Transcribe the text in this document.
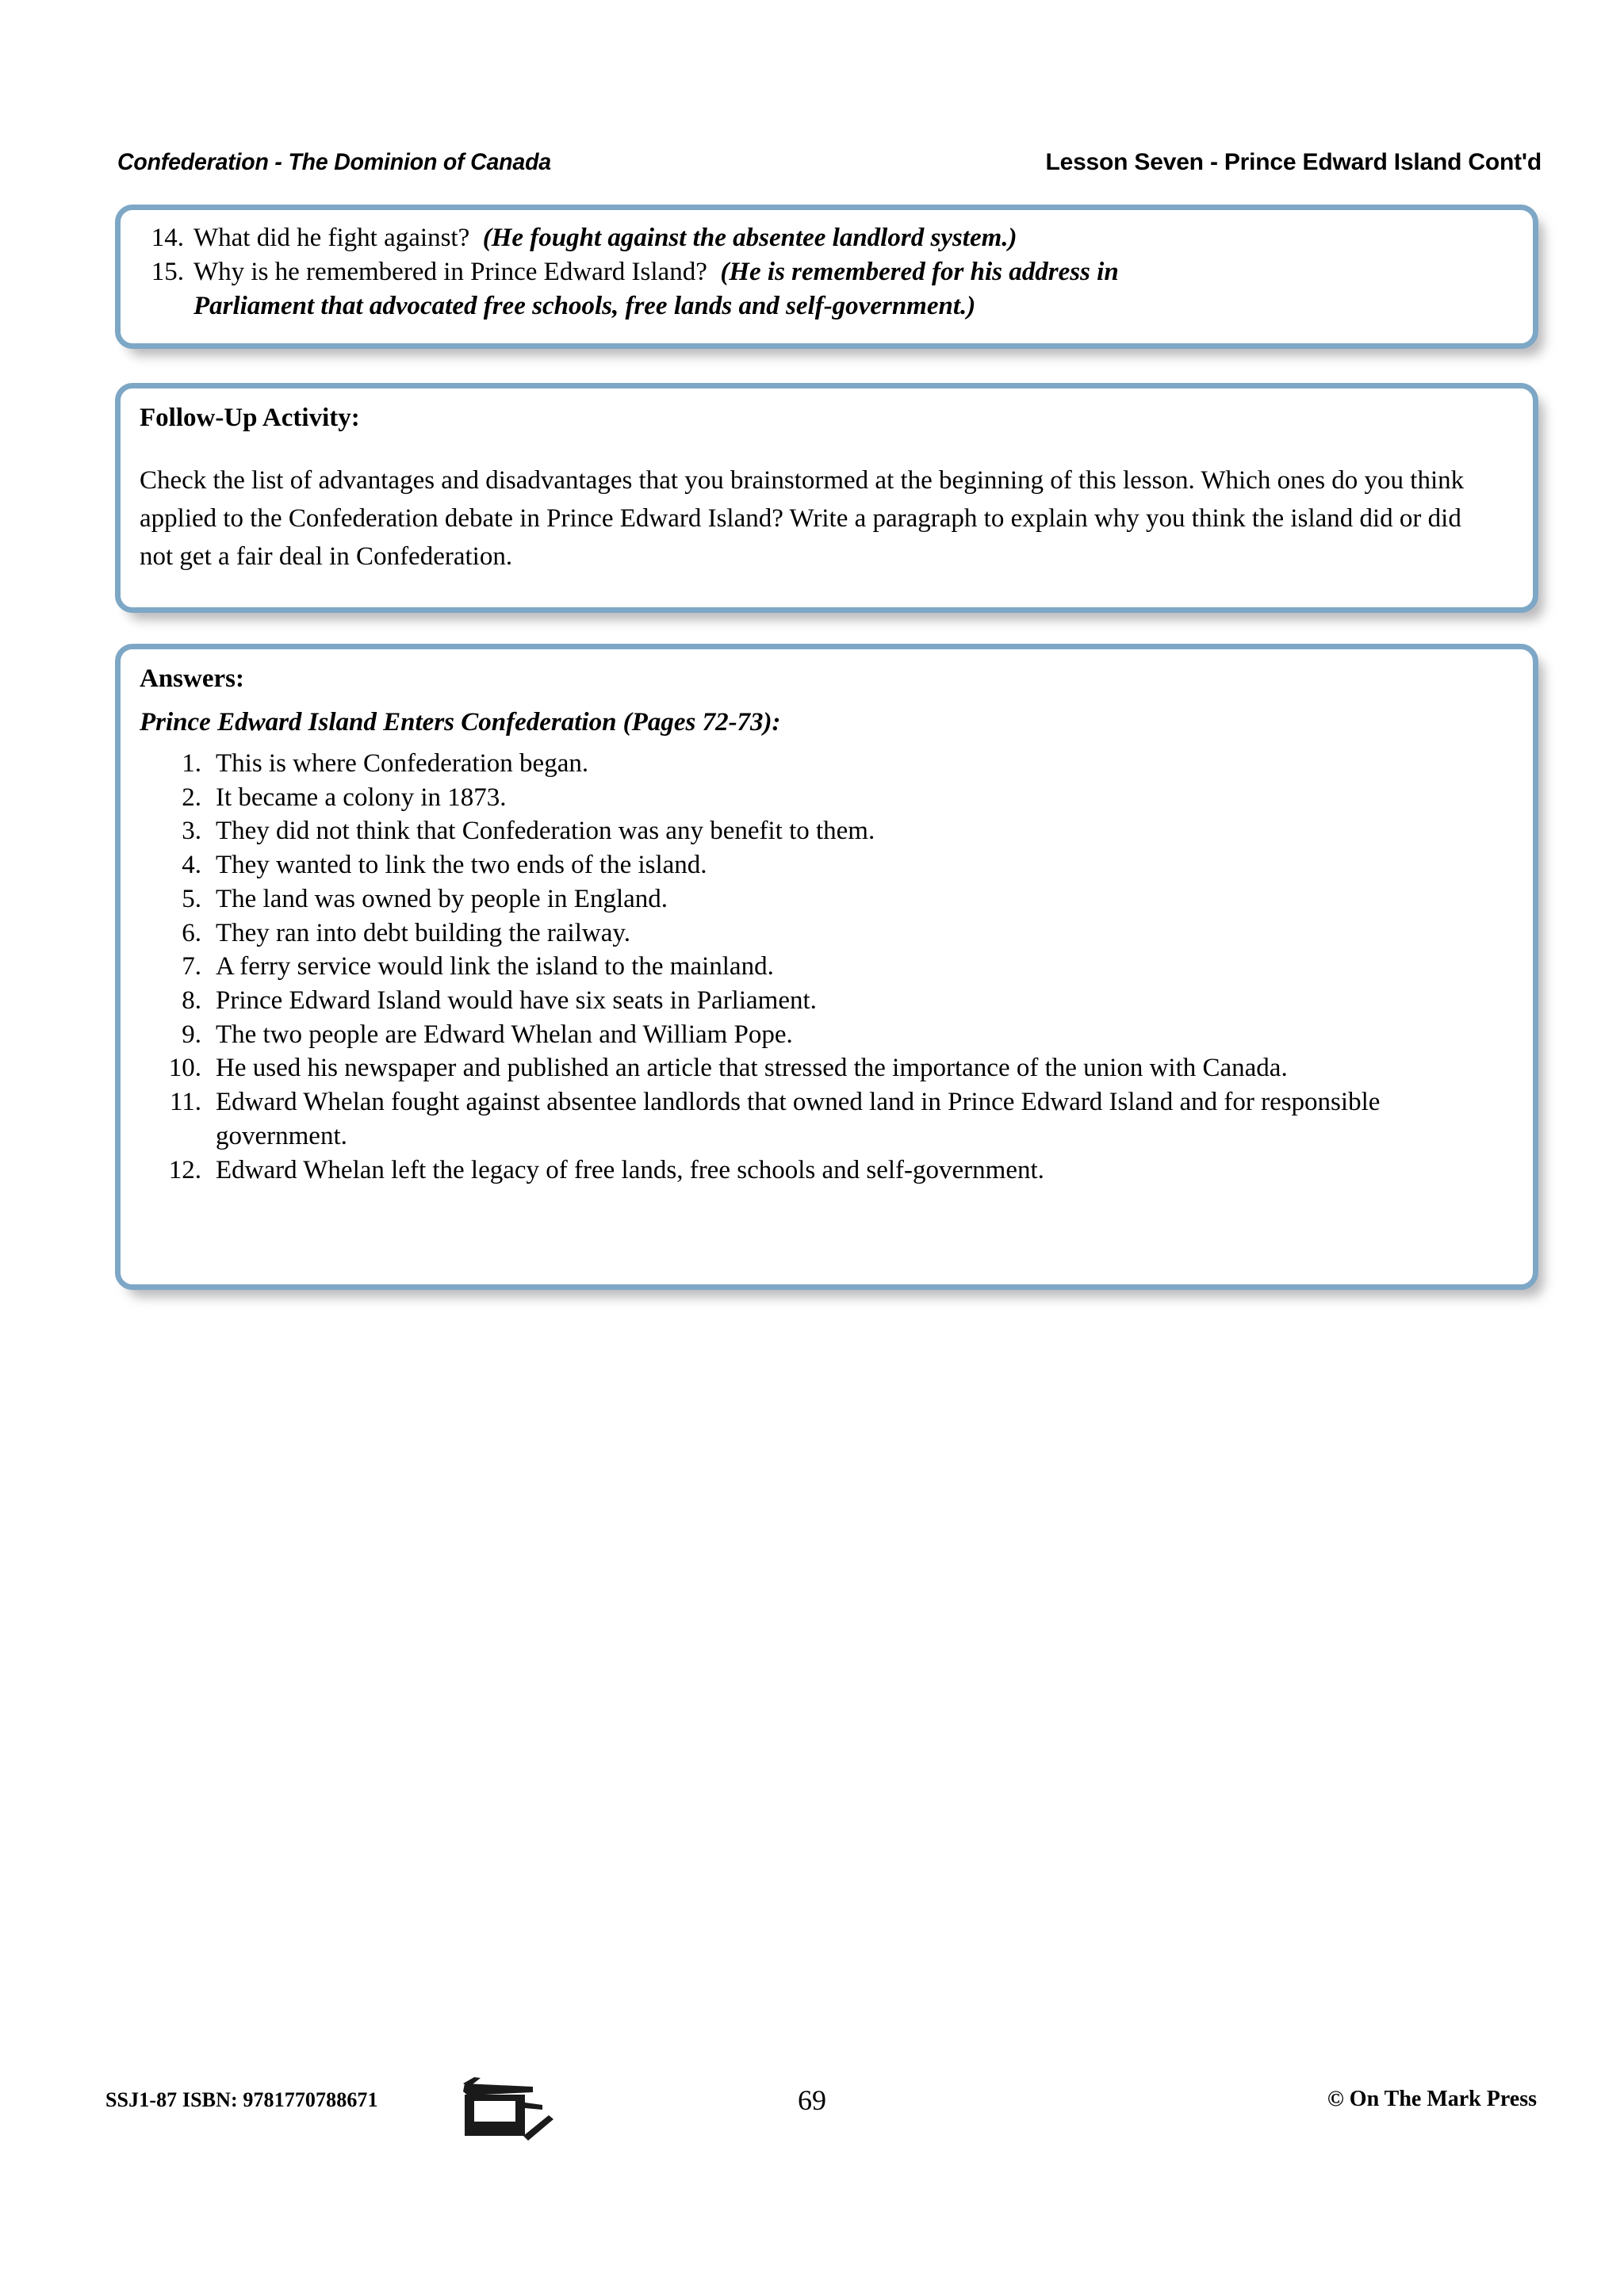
Confederation - The Dominion of Canada	Lesson Seven - Prince Edward Island Cont'd
14. What did he fight against? (He fought against the absentee landlord system.)
15. Why is he remembered in Prince Edward Island? (He is remembered for his address in
Parliament that advocated free schools, free lands and self-government.)
Follow-Up Activity:

Check the list of advantages and disadvantages that you brainstormed at the beginning of this lesson. Which ones do you think applied to the Confederation debate in Prince Edward Island? Write a paragraph to explain why you think the island did or did not get a fair deal in Confederation.

Answers:
Prince Edward Island Enters Confederation (Pages 72-73):
1. This is where Confederation began.
2. It became a colony in 1873.
3. They did not think that Confederation was any benefit to them.
4. They wanted to link the two ends of the island.
5. The land was owned by people in England.
6. They ran into debt building the railway.
7. A ferry service would link the island to the mainland.
8. Prince Edward Island would have six seats in Parliament.
9. The two people are Edward Whelan and William Pope.
10. He used his newspaper and published an article that stressed the importance of the union with Canada.
11. Edward Whelan fought against absentee landlords that owned land in Prince Edward Island and for responsible government.
12. Edward Whelan left the legacy of free lands, free schools and self-government.
SSJ1-87 ISBN: 9781770788671	69	© On The Mark Press
